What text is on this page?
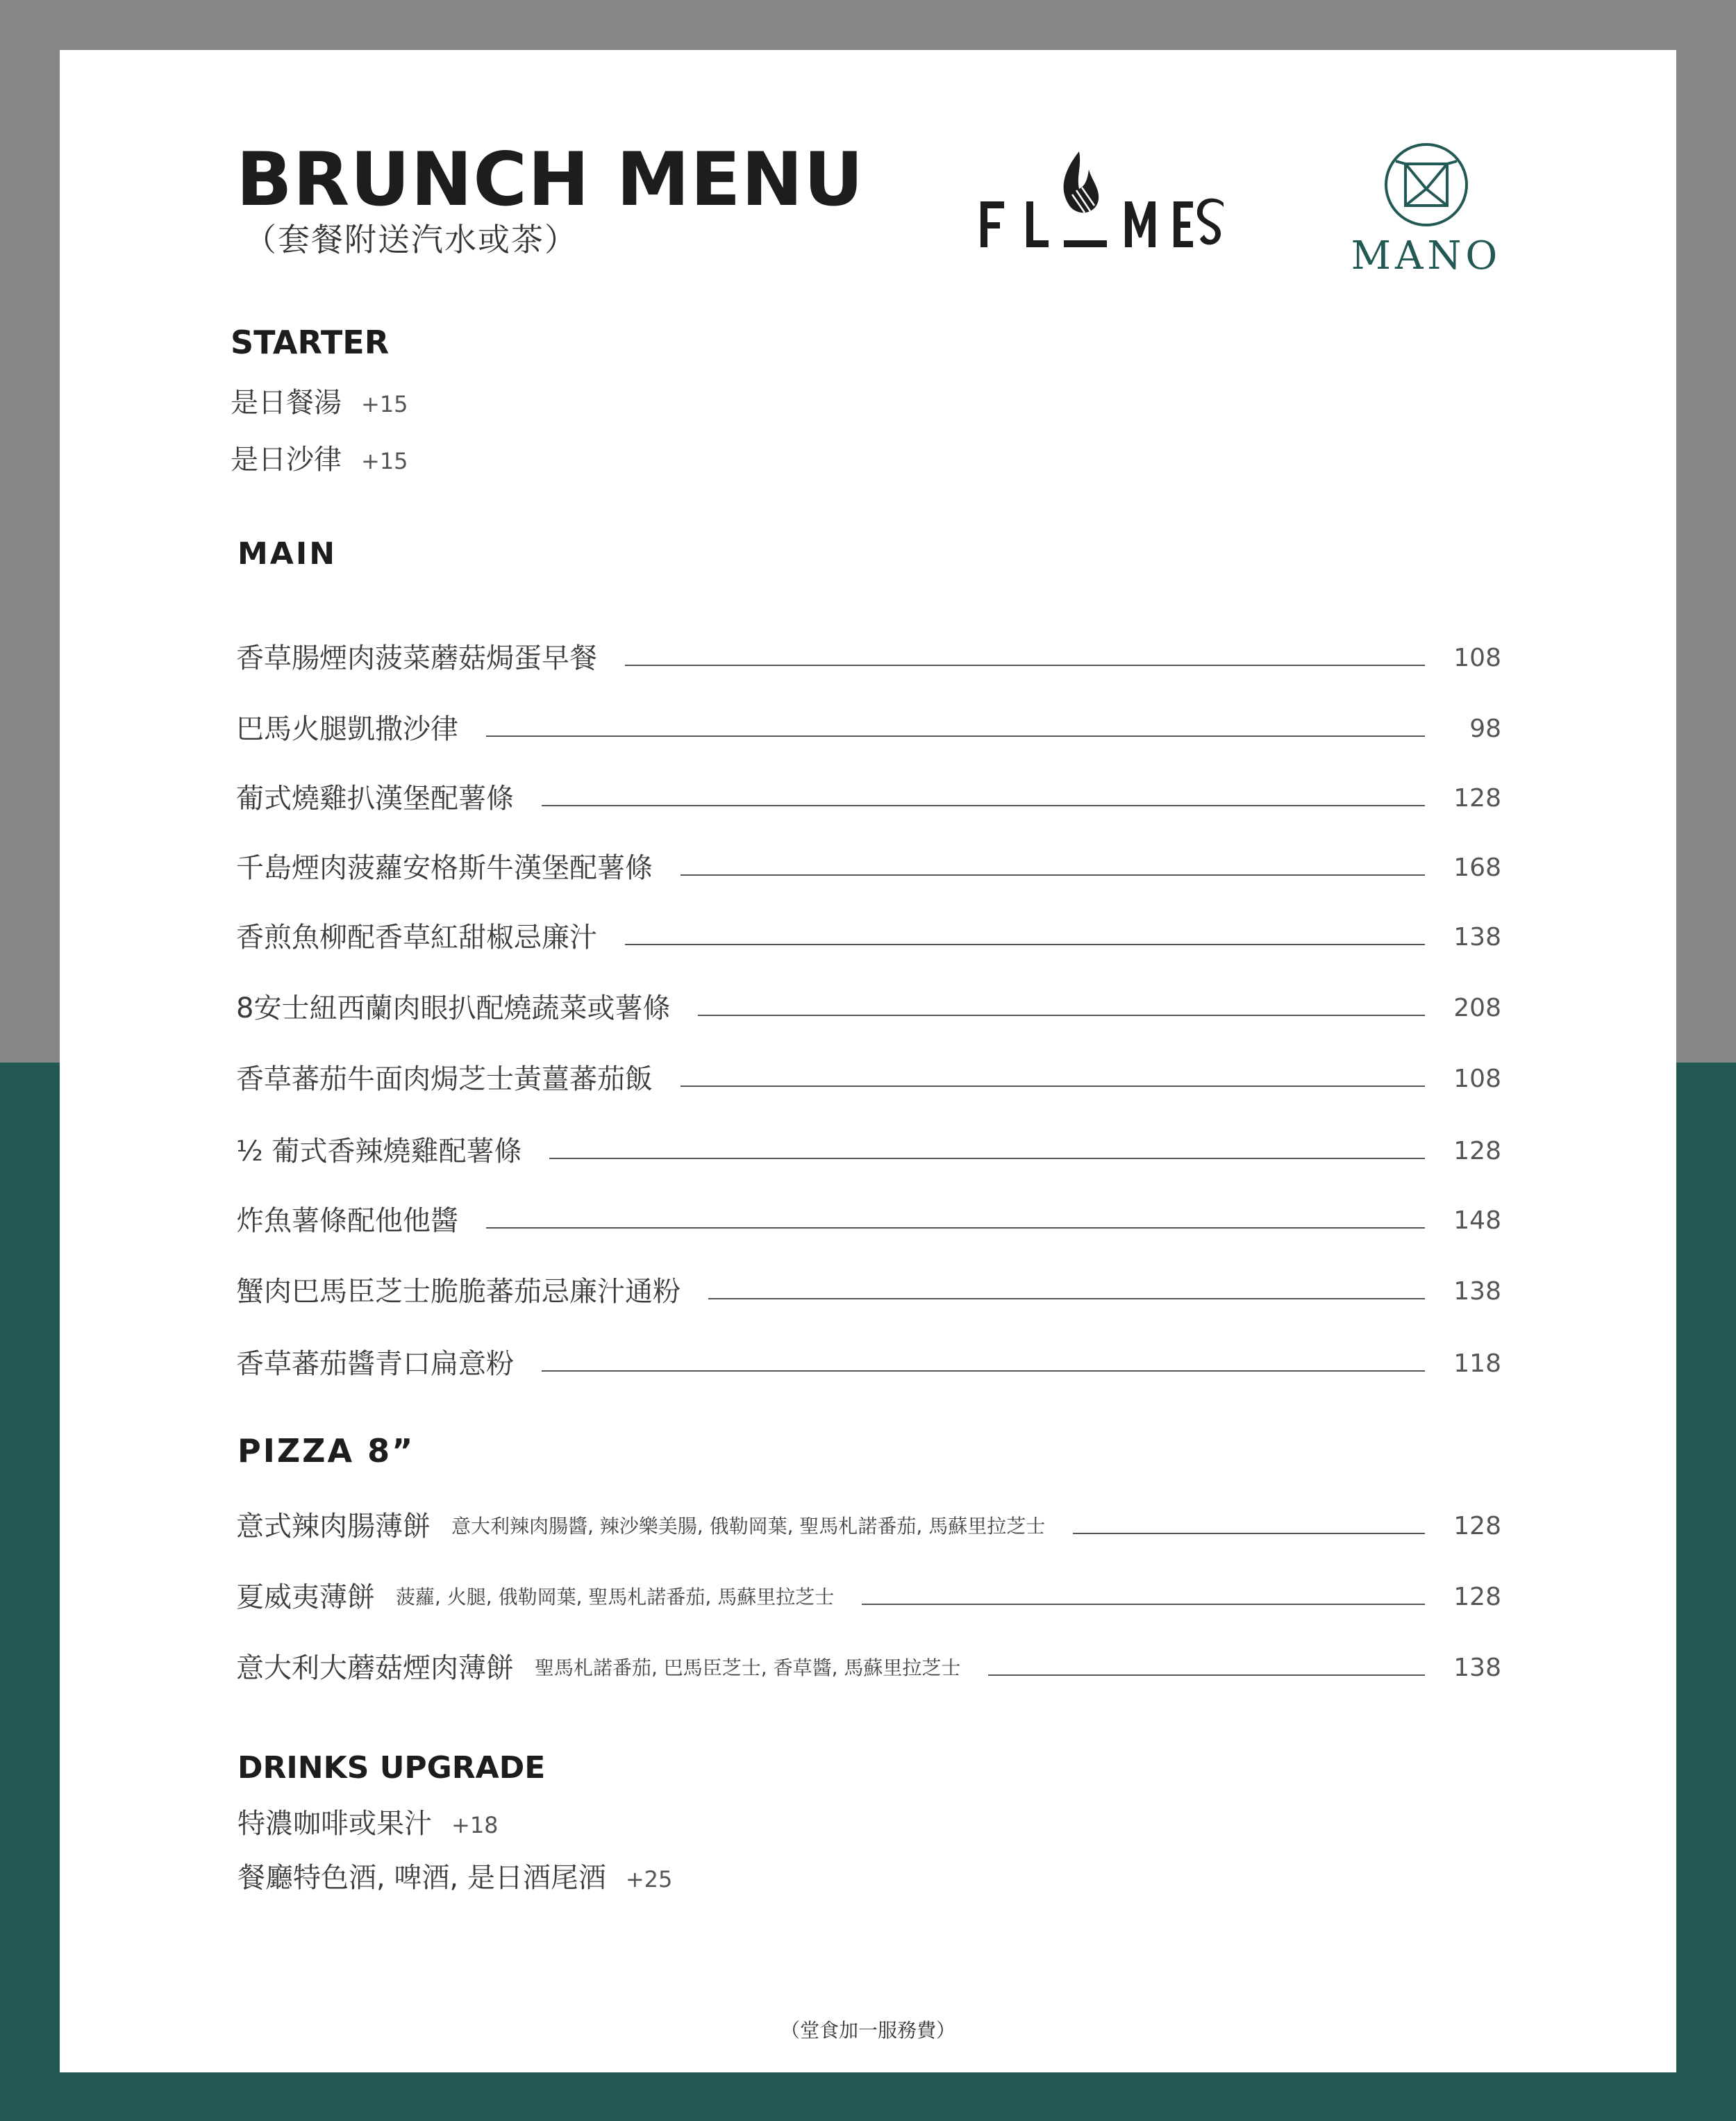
BRUNCH MENU
（套餐附送汽水或茶）	MANO
STARTER
是日餐湯 +15
是日沙律 +15
MAIN
香草腸煙肉菠菜蘑菇焗蛋早餐	108
巴馬火腿凱撒沙律	98
葡式燒雞扒漢堡配薯條	128
千島煙肉菠蘿安格斯牛漢堡配薯條	168
香煎魚柳配香草紅甜椒忌廉汁	138
8安士紐西蘭肉眼扒配燒蔬菜或薯條	208
香草蕃茄牛面肉焗芝士黃薑蕃茄飯	108
½ 葡式香辣燒雞配薯條	128
炸魚薯條配他他醬	148
蟹肉巴馬臣芝士脆脆蕃茄忌廉汁通粉	138
香草蕃茄醬青口扁意粉	118
PIZZA 8”
意式辣肉腸薄餅 意大利辣肉腸醬, 辣沙樂美腸, 俄勒岡葉, 聖馬札諾番茄, 馬蘇里拉芝士	128
夏威夷薄餅 菠蘿, 火腿, 俄勒岡葉, 聖馬札諾番茄, 馬蘇里拉芝士	128
意大利大蘑菇煙肉薄餅 聖馬札諾番茄, 巴馬臣芝士, 香草醬, 馬蘇里拉芝士	138
DRINKS UPGRADE
特濃咖啡或果汁 +18
餐廳特色酒, 啤酒, 是日酒尾酒 +25
（堂食加一服務費）
